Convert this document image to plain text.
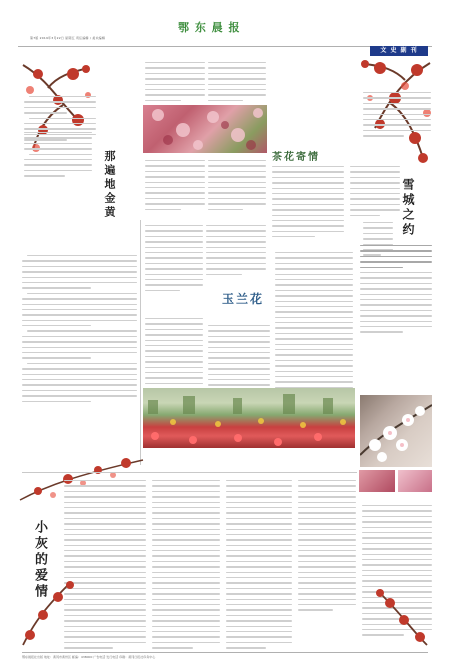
第7版 2019年3月22日 星期五 责任编辑 / 美术编辑
鄂 东 晨 报
文 史 副 刊
那遍地金黄	茶花寄情
雪城之约
玉兰花
小灰的爱情
鄂东晨报社出版 地址：黄冈市黄州区 邮编：438000 广告电话 发行电话 印刷：黄冈日报社印务中心
